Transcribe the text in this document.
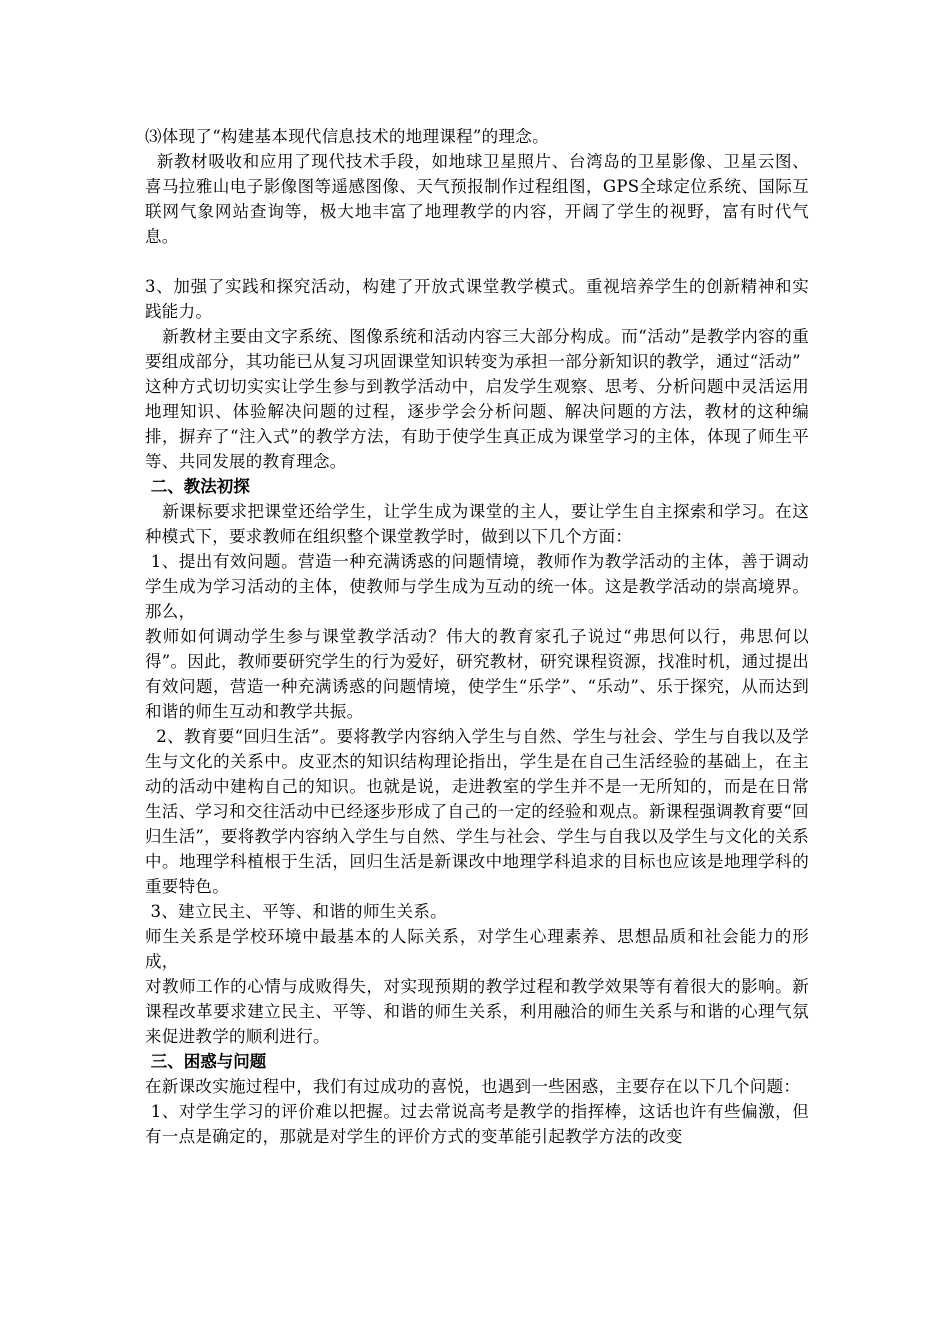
⑶体现了“构建基本现代信息技术的地理课程”的理念。

新教材吸收和应用了现代技术手段，如地球卫星照片、台湾岛的卫星影像、卫星云图、喜马拉雅山电子影像图等遥感图像、天气预报制作过程组图，GPS全球定位系统、国际互联网气象网站查询等，极大地丰富了地理教学的内容，开阔了学生的视野，富有时代气息。

3、加强了实践和探究活动，构建了开放式课堂教学模式。重视培养学生的创新精神和实践能力。

新教材主要由文字系统、图像系统和活动内容三大部分构成。而“活动”是教学内容的重要组成部分，其功能已从复习巩固课堂知识转变为承担一部分新知识的教学，通过“活动”

这种方式切切实实让学生参与到教学活动中，启发学生观察、思考、分析问题中灵活运用地理知识、体验解决问题的过程，逐步学会分析问题、解决问题的方法，教材的这种编排，摒弃了“注入式”的教学方法，有助于使学生真正成为课堂学习的主体，体现了师生平等、共同发展的教育理念。

二、教法初探

新课标要求把课堂还给学生，让学生成为课堂的主人，要让学生自主探索和学习。在这种模式下，要求教师在组织整个课堂教学时，做到以下几个方面：

1、提出有效问题。营造一种充满诱惑的问题情境，教师作为教学活动的主体，善于调动学生成为学习活动的主体，使教师与学生成为互动的统一体。这是教学活动的崇高境界。那么，

教师如何调动学生参与课堂教学活动？伟大的教育家孔子说过“弗思何以行，弗思何以得”。因此，教师要研究学生的行为爱好，研究教材，研究课程资源，找准时机，通过提出有效问题，营造一种充满诱惑的问题情境，使学生“乐学”、“乐动”、乐于探究，从而达到和谐的师生互动和教学共振。

2、教育要“回归生活”。要将教学内容纳入学生与自然、学生与社会、学生与自我以及学生与文化的关系中。皮亚杰的知识结构理论指出，学生是在自己生活经验的基础上，在主动的活动中建构自己的知识。也就是说，走进教室的学生并不是一无所知的，而是在日常生活、学习和交往活动中已经逐步形成了自己的一定的经验和观点。新课程强调教育要“回

归生活”，要将教学内容纳入学生与自然、学生与社会、学生与自我以及学生与文化的关系中。地理学科植根于生活，回归生活是新课改中地理学科追求的目标也应该是地理学科的重要特色。

3、建立民主、平等、和谐的师生关系。

师生关系是学校环境中最基本的人际关系，对学生心理素养、思想品质和社会能力的形成，

对教师工作的心情与成败得失，对实现预期的教学过程和教学效果等有着很大的影响。新课程改革要求建立民主、平等、和谐的师生关系，利用融洽的师生关系与和谐的心理气氛来促进教学的顺利进行。

三、困惑与问题

在新课改实施过程中，我们有过成功的喜悦，也遇到一些困惑，主要存在以下几个问题：

1、对学生学习的评价难以把握。过去常说高考是教学的指挥棒，这话也许有些偏激，但有一点是确定的，那就是对学生的评价方式的变革能引起教学方法的改变
